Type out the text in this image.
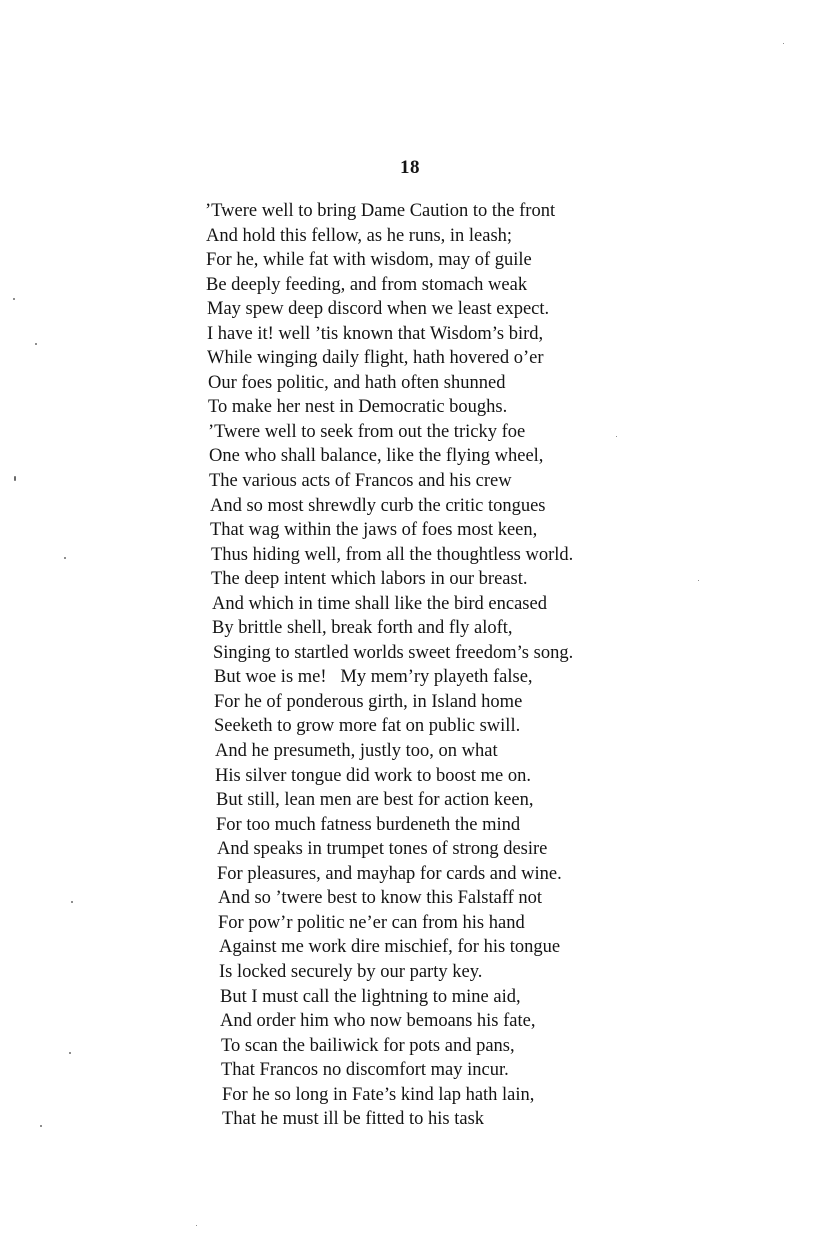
18
’Twere well to bring Dame Caution to the front
And hold this fellow, as he runs, in leash;
For he, while fat with wisdom, may of guile
Be deeply feeding, and from stomach weak
May spew deep discord when we least expect.
I have it! well ’tis known that Wisdom’s bird,
While winging daily flight, hath hovered o’er
Our foes politic, and hath often shunned
To make her nest in Democratic boughs.
’Twere well to seek from out the tricky foe
One who shall balance, like the flying wheel,
The various acts of Francos and his crew
And so most shrewdly curb the critic tongues
That wag within the jaws of foes most keen,
Thus hiding well, from all the thoughtless world.
The deep intent which labors in our breast.
And which in time shall like the bird encased
By brittle shell, break forth and fly aloft,
Singing to startled worlds sweet freedom’s song.
But woe is me!   My mem’ry playeth false,
For he of ponderous girth, in Island home
Seeketh to grow more fat on public swill.
And he presumeth, justly too, on what
His silver tongue did work to boost me on.
But still, lean men are best for action keen,
For too much fatness burdeneth the mind
And speaks in trumpet tones of strong desire
For pleasures, and mayhap for cards and wine.
And so ’twere best to know this Falstaff not
For pow’r politic ne’er can from his hand
Against me work dire mischief, for his tongue
Is locked securely by our party key.
But I must call the lightning to mine aid,
And order him who now bemoans his fate,
To scan the bailiwick for pots and pans,
That Francos no discomfort may incur.
For he so long in Fate’s kind lap hath lain,
That he must ill be fitted to his task
